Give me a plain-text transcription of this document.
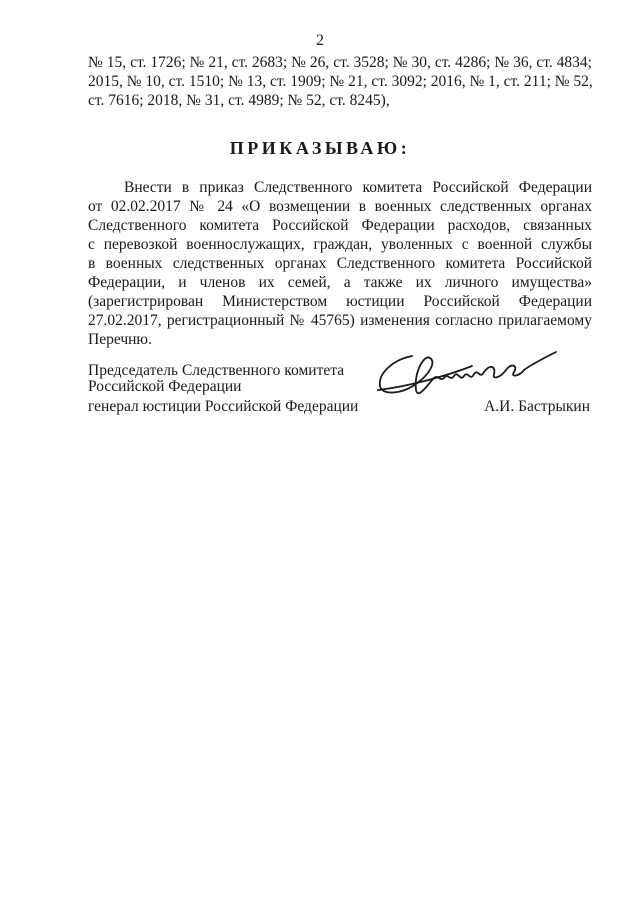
2
№ 15, ст. 1726; № 21, ст. 2683; № 26, ст. 3528; № 30, ст. 4286; № 36, ст. 4834;
2015, № 10, ст. 1510; № 13, ст. 1909; № 21, ст. 3092; 2016, № 1, ст. 211; № 52,
ст. 7616; 2018, № 31, ст. 4989; № 52, ст. 8245),
ПРИКАЗЫВАЮ:
Внести в приказ Следственного комитета Российской Федерации
от 02.02.2017 № 24 «О возмещении в военных следственных органах
Следственного комитета Российской Федерации расходов, связанных
с перевозкой военнослужащих, граждан, уволенных с военной службы
в военных следственных органах Следственного комитета Российской
Федерации, и членов их семей, а также их личного имущества»
(зарегистрирован Министерством юстиции Российской Федерации
27.02.2017, регистрационный № 45765) изменения согласно прилагаемому
Перечню.
Председатель Следственного комитета
Российской Федерации
генерал юстиции Российской Федерации	А.И. Бастрыкин
